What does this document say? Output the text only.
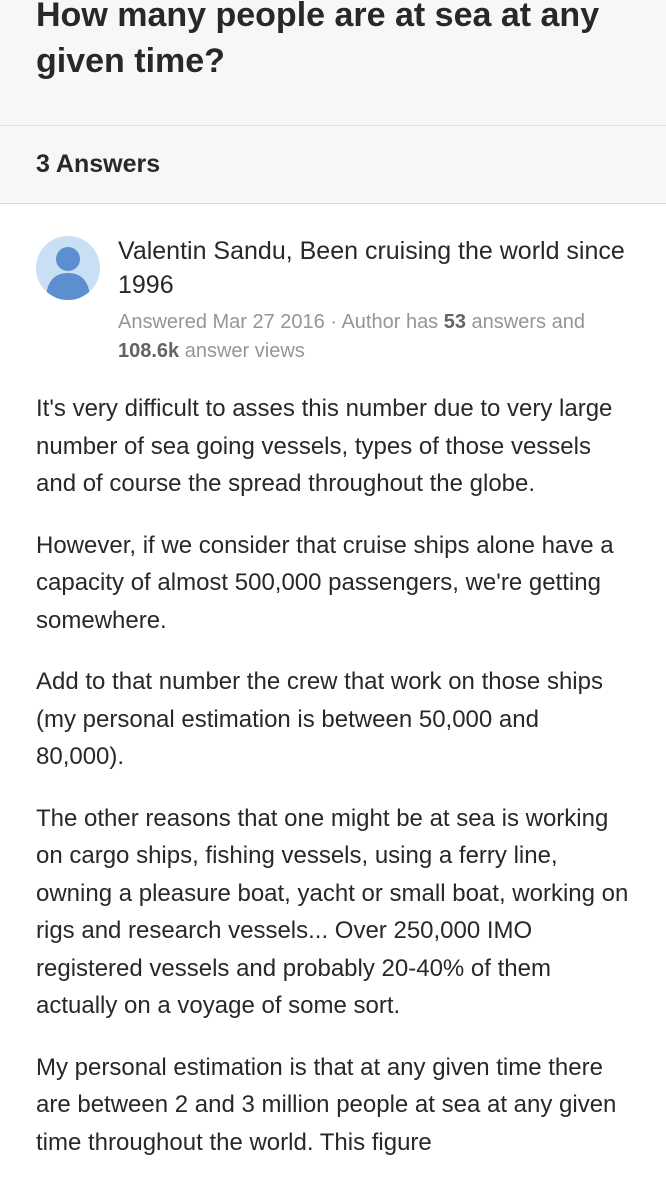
How many people are at sea at any given time?
3 Answers
Valentin Sandu, Been cruising the world since 1996
Answered Mar 27 2016 · Author has 53 answers and 108.6k answer views

It's very difficult to asses this number due to very large number of sea going vessels, types of those vessels and of course the spread throughout the globe.

However, if we consider that cruise ships alone have a capacity of almost 500,000 passengers, we're getting somewhere.

Add to that number the crew that work on those ships (my personal estimation is between 50,000 and  80,000).

The other reasons that one might be at sea is working on cargo ships, fishing vessels, using a ferry line, owning a pleasure boat, yacht or small boat, working on rigs and research vessels... Over 250,000 IMO registered vessels and probably 20-40% of them actually on a voyage of some sort.

My personal estimation is that at any given time there are between 2 and 3 million people at sea at any given time throughout the world. This figure
